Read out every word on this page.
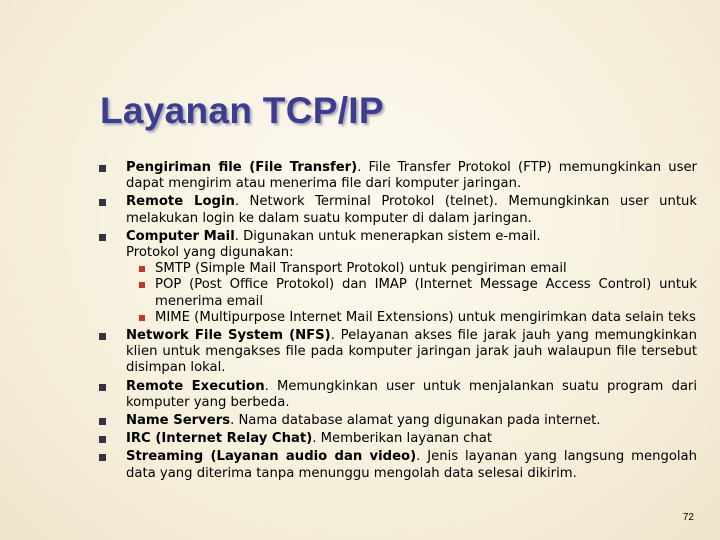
Layanan TCP/IP
Pengiriman file (File Transfer). File Transfer Protokol (FTP) memungkinkan user dapat mengirim atau menerima file dari komputer jaringan.
Remote Login. Network Terminal Protokol (telnet). Memungkinkan user untuk melakukan login ke dalam suatu komputer di dalam jaringan.
Computer Mail. Digunakan untuk menerapkan sistem e-mail.
Protokol yang digunakan:
SMTP (Simple Mail Transport Protokol) untuk pengiriman email
POP (Post Office Protokol) dan IMAP (Internet Message Access Control) untuk menerima email
MIME (Multipurpose Internet Mail Extensions) untuk mengirimkan data selain teks
Network File System (NFS). Pelayanan akses file jarak jauh yang memungkinkan klien untuk mengakses file pada komputer jaringan jarak jauh walaupun file tersebut disimpan lokal.
Remote Execution. Memungkinkan user untuk menjalankan suatu program dari komputer yang berbeda.
Name Servers. Nama database alamat yang digunakan pada internet.
IRC (Internet Relay Chat). Memberikan layanan chat
Streaming (Layanan audio dan video). Jenis layanan yang langsung mengolah data yang diterima tanpa menunggu mengolah data selesai dikirim.
72
